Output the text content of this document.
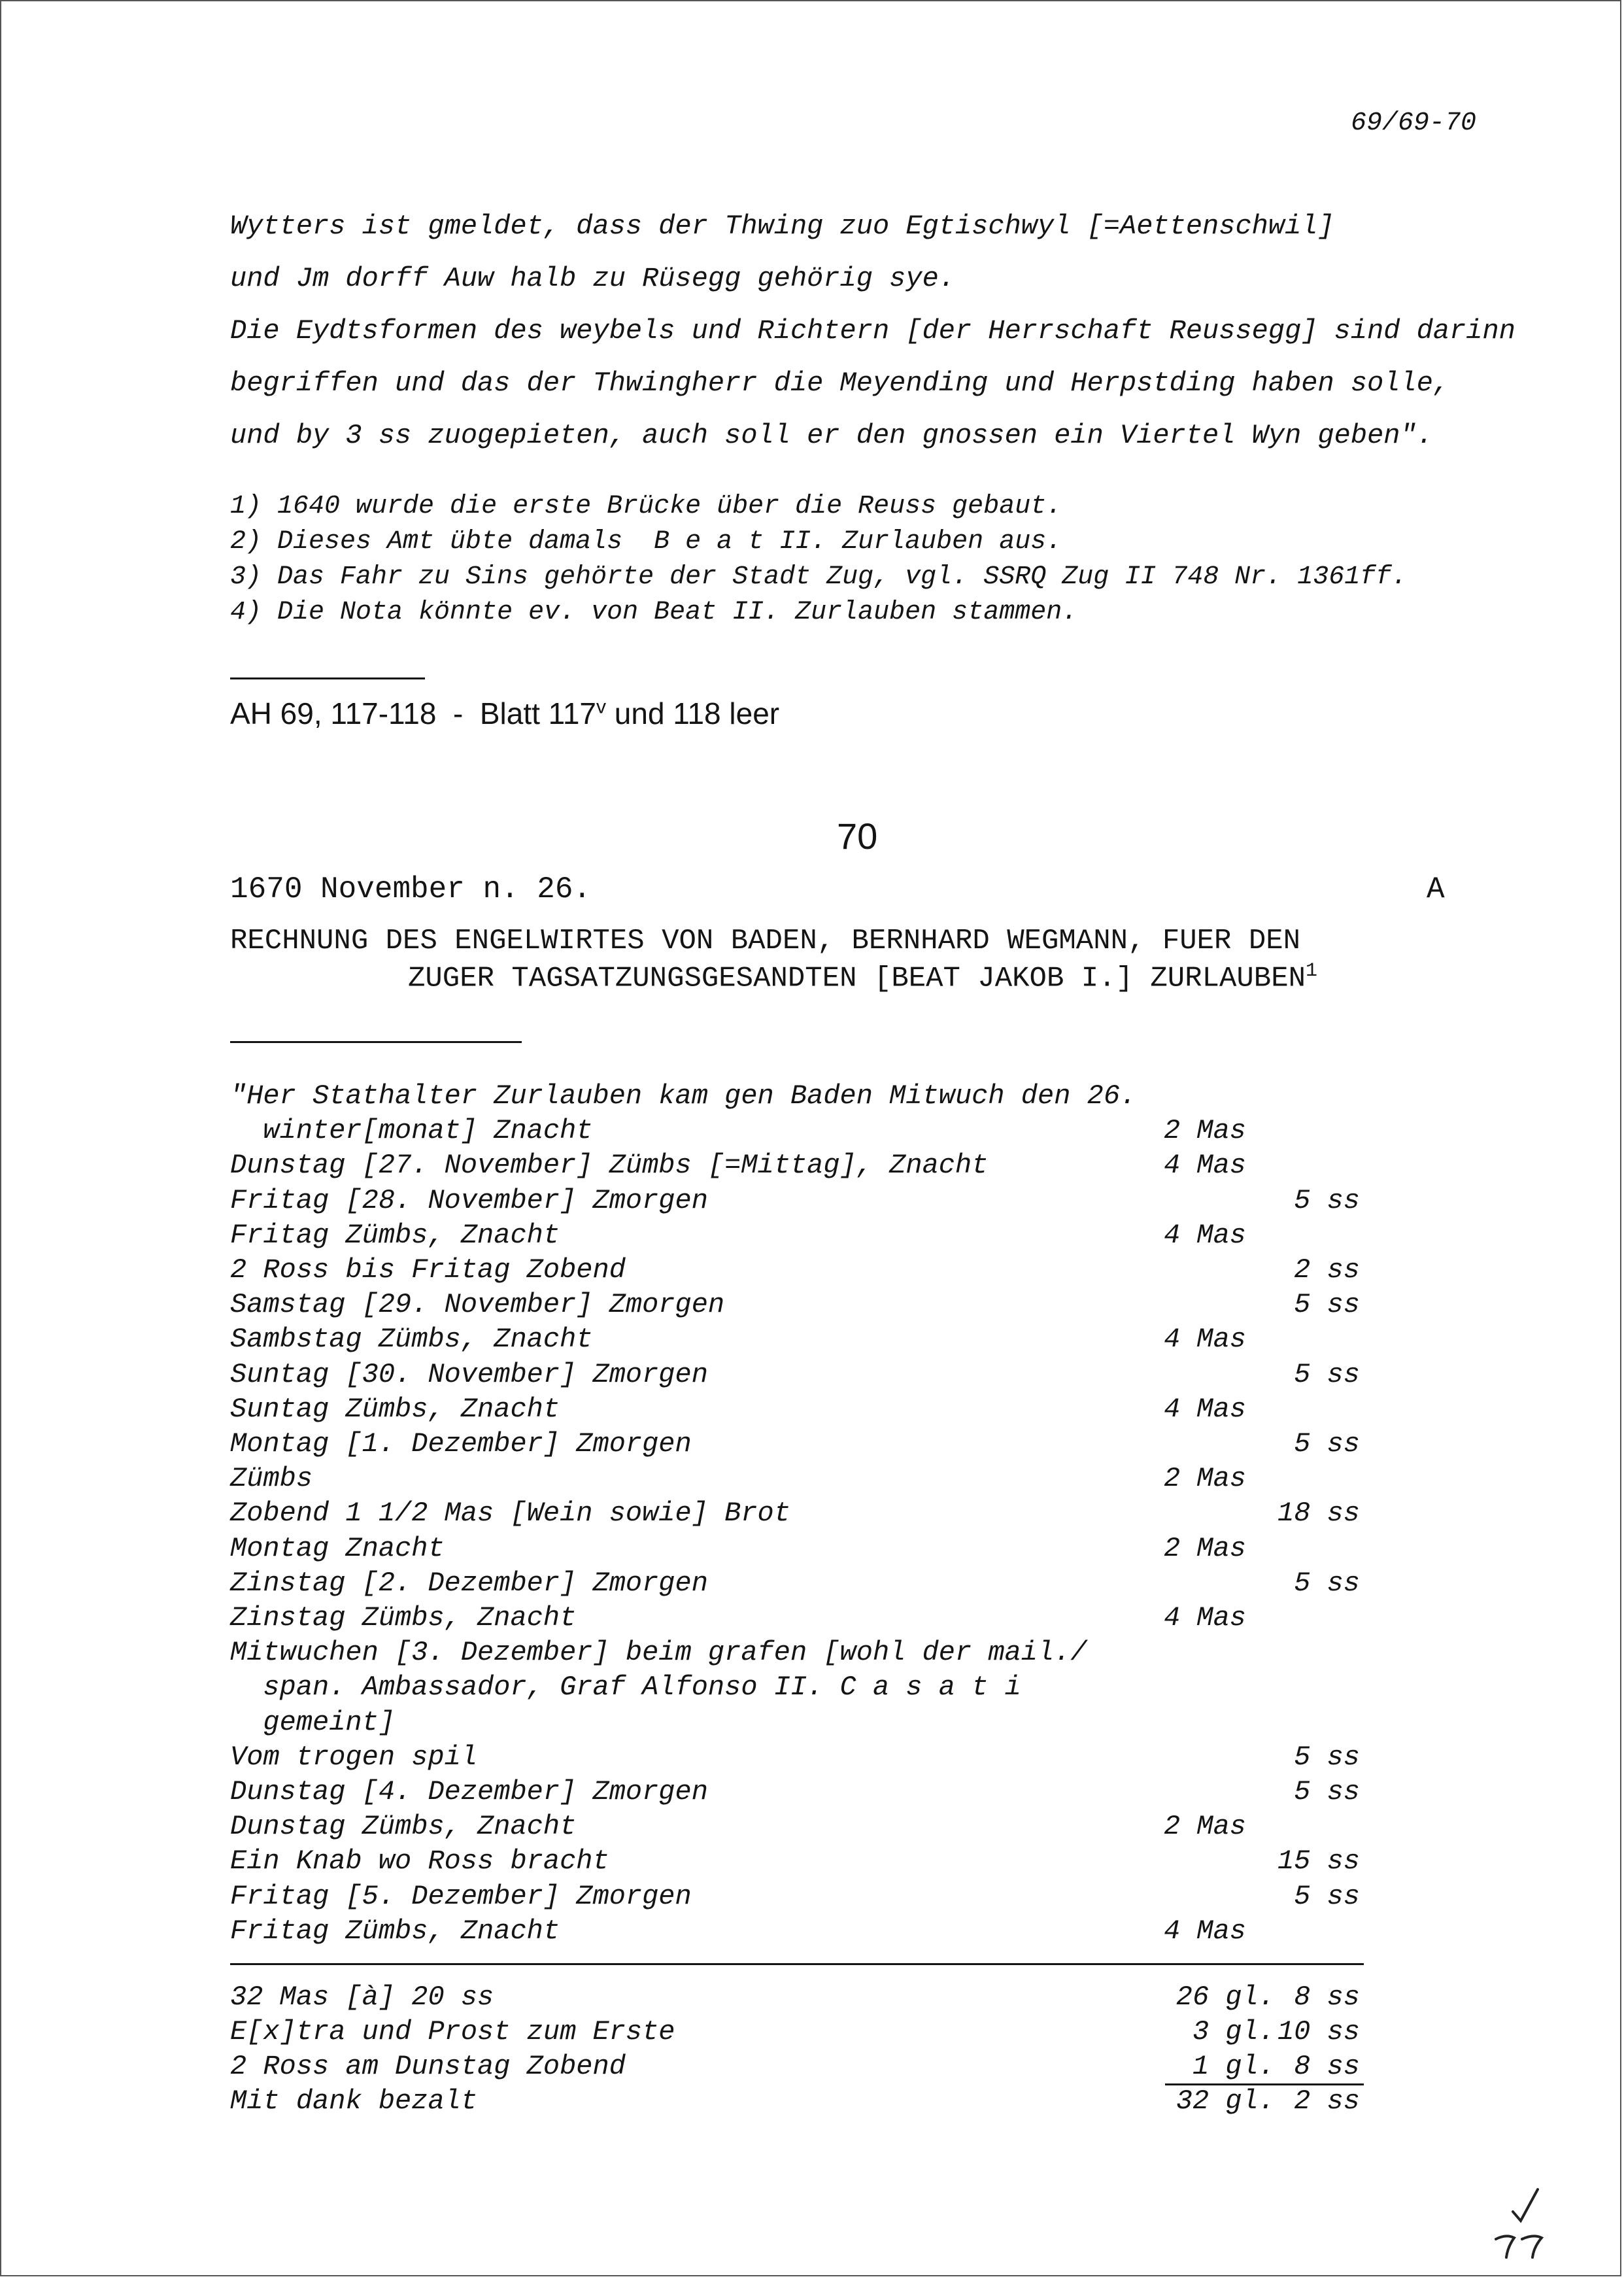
69/69-70
Wytters ist gmeldet, dass der Thwing zuo Egtischwyl [=Aettenschwil]
und Jm dorff Auw halb zu Rüsegg gehörig sye.
Die Eydtsformen des weybels und Richtern [der Herrschaft Reussegg] sind darinn
begriffen und das der Thwingherr die Meyending und Herpstding haben solle,
und by 3 ss zuogepieten, auch soll er den gnossen ein Viertel Wyn geben".
1) 1640 wurde die erste Brücke über die Reuss gebaut.
2) Dieses Amt übte damals  B e a t II. Zurlauben aus.
3) Das Fahr zu Sins gehörte der Stadt Zug, vgl. SSRQ Zug II 748 Nr. 1361ff.
4) Die Nota könnte ev. von Beat II. Zurlauben stammen.
AH 69, 117-118  -  Blatt 117$^v$ und 118 leer
70
1670 November n. 26.	A
RECHNUNG DES ENGELWIRTES VON BADEN, BERNHARD WEGMANN, FUER DEN
ZUGER TAGSATZUNGSGESANDTEN [BEAT JAKOB I.] ZURLAUBEN$^1$
"Her Stathalter Zurlauben kam gen Baden Mitwuch den 26.
winter[monat] Znacht	2 Mas
Dunstag [27. November] Zümbs [=Mittag], Znacht	4 Mas
Fritag [28. November] Zmorgen	5 ss
Fritag Zümbs, Znacht	4 Mas
2 Ross bis Fritag Zobend	2 ss
Samstag [29. November] Zmorgen	5 ss
Sambstag Zümbs, Znacht	4 Mas
Suntag [30. November] Zmorgen	5 ss
Suntag Zümbs, Znacht	4 Mas
Montag [1. Dezember] Zmorgen	5 ss
Zümbs	2 Mas
Zobend 1 1/2 Mas [Wein sowie] Brot	18 ss
Montag Znacht	2 Mas
Zinstag [2. Dezember] Zmorgen	5 ss
Zinstag Zümbs, Znacht	4 Mas
Mitwuchen [3. Dezember] beim grafen [wohl der mail./
span. Ambassador, Graf Alfonso II. C a s a t i
gemeint]
Vom trogen spil	5 ss
Dunstag [4. Dezember] Zmorgen	5 ss
Dunstag Zümbs, Znacht	2 Mas
Ein Knab wo Ross bracht	15 ss
Fritag [5. Dezember] Zmorgen	5 ss
Fritag Zümbs, Znacht	4 Mas
32 Mas [à] 20 ss	26 gl. 8 ss
E[x]tra und Prost zum Erste	3 gl. 10 ss
2 Ross am Dunstag Zobend	1 gl. 8 ss
Mit dank bezalt	32 gl. 2 ss
